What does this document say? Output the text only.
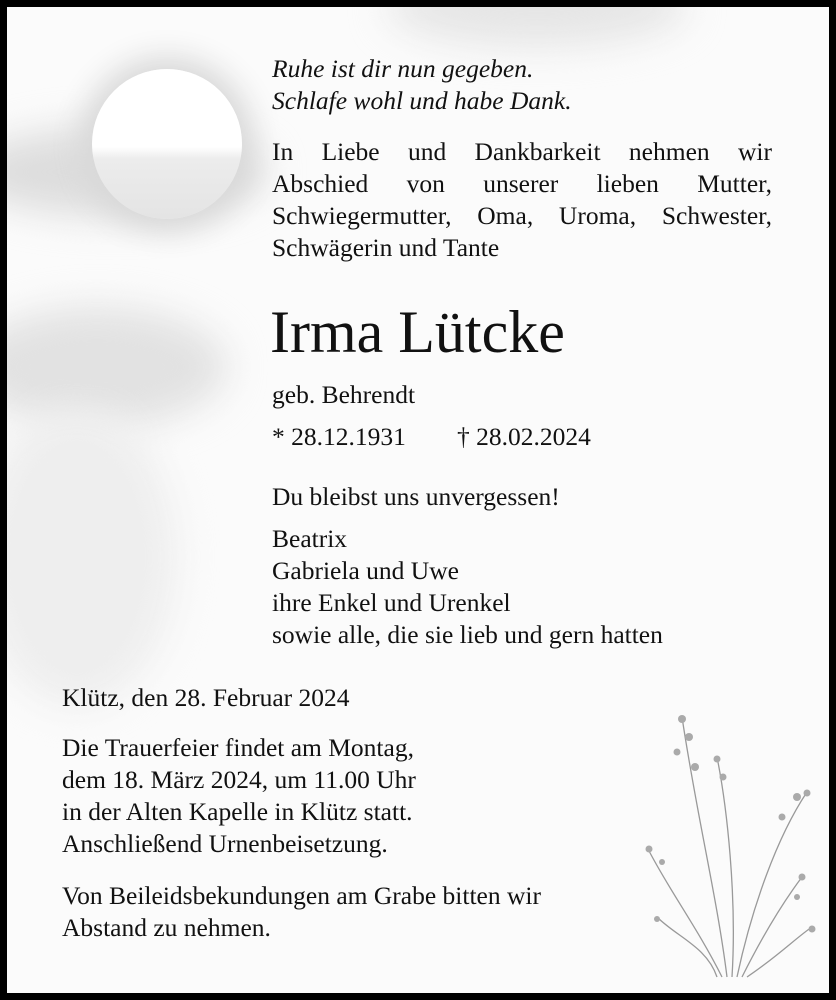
Ruhe ist dir nun gegeben.
Schlafe wohl und habe Dank.
In Liebe und Dankbarkeit nehmen wir
Abschied von unserer lieben Mutter,
Schwiegermutter, Oma, Uroma, Schwester,
Schwägerin und Tante
Irma Lütcke
geb. Behrendt
* 28.12.1931 † 28.02.2024
Du bleibst uns unvergessen!
Beatrix
Gabriela und Uwe
ihre Enkel und Urenkel
sowie alle, die sie lieb und gern hatten
Klütz, den 28. Februar 2024
Die Trauerfeier findet am Montag,
dem 18. März 2024, um 11.00 Uhr
in der Alten Kapelle in Klütz statt.
Anschließend Urnenbeisetzung.
Von Beileidsbekundungen am Grabe bitten wir
Abstand zu nehmen.
